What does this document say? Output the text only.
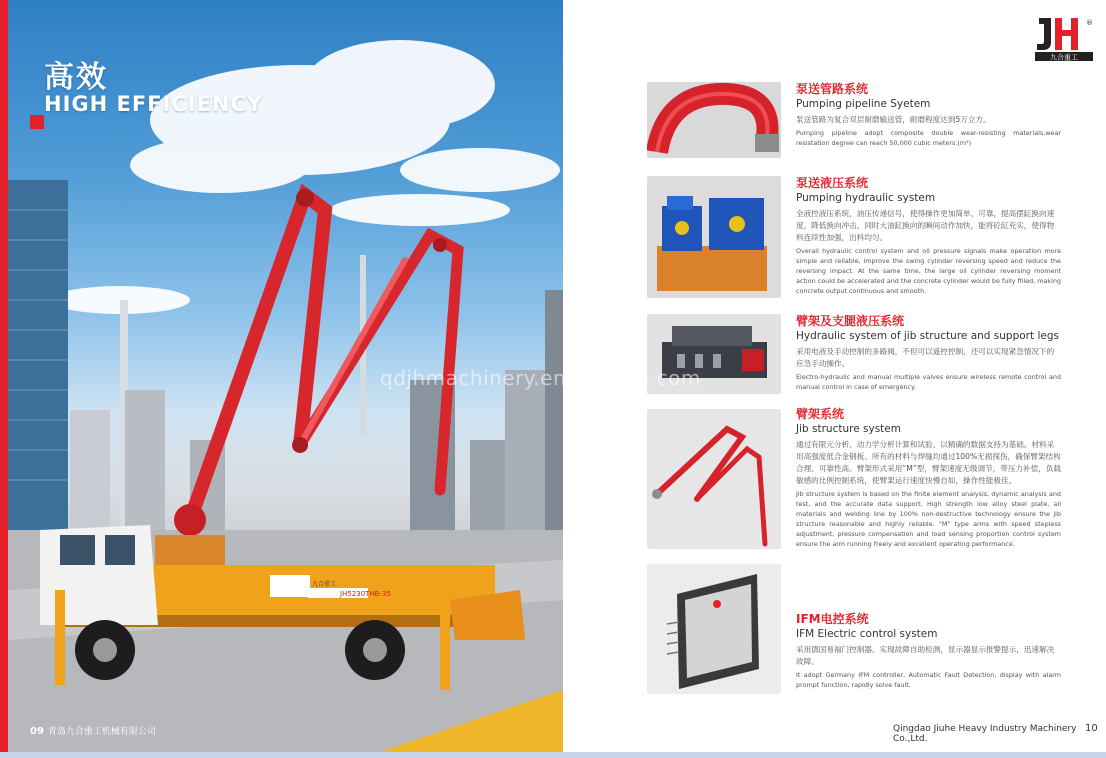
JH5230THB-35
九合重工
高效
HIGH EFFICIENCY
09 青岛九合重工机械有限公司
®
九合重工
泵送管路系统
Pumping pipeline Syetem
泵送管路为复合双层耐磨输送管，耐磨程度达到5万立方。
Pumping pipeline adopt composite double wear-resisting materials,wear resistation degree can reach 50,000 cubic meters.(m³)
泵送液压系统
Pumping hydraulic system
全液控液压系统，油压传递信号，使得操作更加简单、可靠，提高摆缸换向速度，降低换向冲击，同时大油缸换向的瞬间动作加快，能将砼缸充实，使得物料连续性加强，出料均匀。
Overall hydraulic control system and oil pressure signals make operation more simple and reliable, improve the swing cylinder reversing speed and reduce the reversing impact. At the same time, the large oil cylinder reversing moment action could be accelerated and the concrete cylinder would be fully filled, making concrete output continuous and smooth.
臂架及支腿液压系统
Hydraulic system of jib structure and support legs
采用电液及手动控制的多路阀，不但可以遥控控制，还可以实现紧急情况下的应急手动操作。
Electro-hydraulic and manual multiple valves ensure wireless remote control and manual control in case of emergency.
臂架系统
Jib structure system
通过有限元分析、动力学分析计算和试验、以精确的数据支持为基础。材料采用高强度低合金钢板、所有的材料与焊缝均通过100%无损探伤，确保臂架结构合理、可靠性高。臂架形式采用“M”型，臂架速度无级调节，带压力补偿，负载敏感的比例控制系统，使臂架运行速度快慢自如，操作性能极佳。
Jib structure system is based on the finite element analysis, dynamic analysis and test, and the accurate data support. High strength low alloy steel plate, all materials and welding line by 100% non-destructive technology ensure the jib structure reasonable and highly reliable. "M" type arms with speed stepless adjustment, pressure compensation and load sensing proportion control system ensure the arm running freely and excellent operating performance.
IFM电控系统
IFM Electric control system
采用德国易福门控制器，实现故障自助检测，显示器显示报警提示，迅速解决故障。
It adopt Germany IFM controller, Automatic Fault Detection, display with alarm prompt function, rapidly solve fault.
Qingdao Jiuhe Heavy Industry Machinery Co.,Ltd.
10
qdjhmachinery.en.alibaba.com
